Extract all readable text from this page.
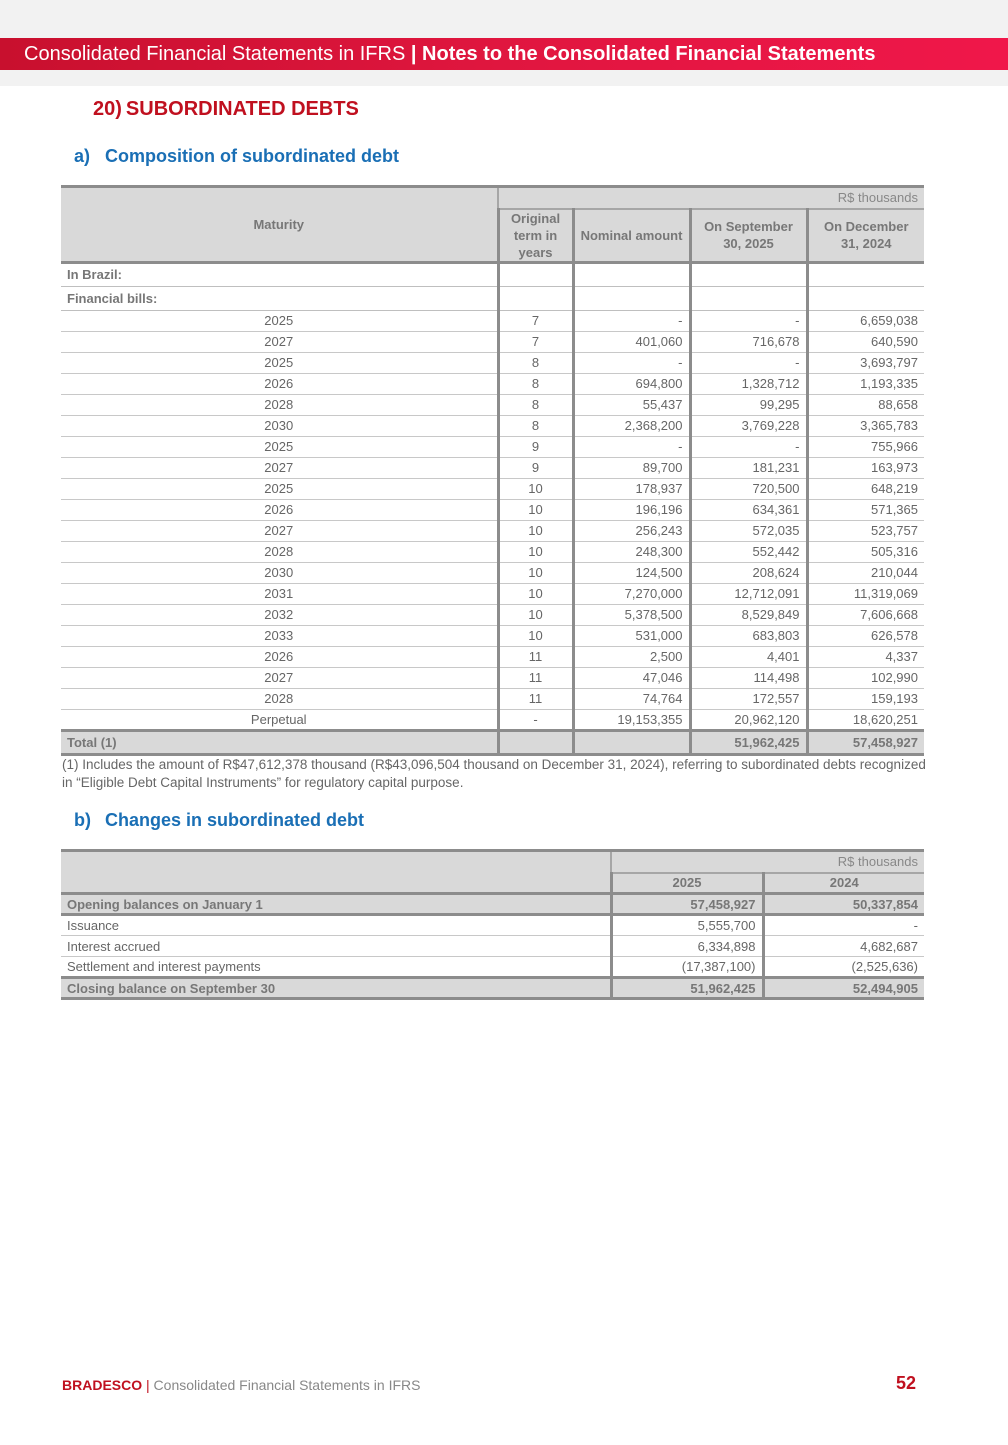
Consolidated Financial Statements in IFRS | Notes to the Consolidated Financial Statements
20) SUBORDINATED DEBTS
a) Composition of subordinated debt
Maturity	R$ thousands			
	Original term in years	Nominal amount	On September 30, 2025	On December 31, 2024
In Brazil:				
Financial bills:				
2025	7	-	-	6,659,038
2027	7	401,060	716,678	640,590
2025	8	-	-	3,693,797
2026	8	694,800	1,328,712	1,193,335
2028	8	55,437	99,295	88,658
2030	8	2,368,200	3,769,228	3,365,783
2025	9	-	-	755,966
2027	9	89,700	181,231	163,973
2025	10	178,937	720,500	648,219
2026	10	196,196	634,361	571,365
2027	10	256,243	572,035	523,757
2028	10	248,300	552,442	505,316
2030	10	124,500	208,624	210,044
2031	10	7,270,000	12,712,091	11,319,069
2032	10	5,378,500	8,529,849	7,606,668
2033	10	531,000	683,803	626,578
2026	11	2,500	4,401	4,337
2027	11	47,046	114,498	102,990
2028	11	74,764	172,557	159,193
Perpetual	-	19,153,355	20,962,120	18,620,251
Total (1)			51,962,425	57,458,927
(1) Includes the amount of R$47,612,378 thousand (R$43,096,504 thousand on December 31, 2024), referring to subordinated debts recognized in “Eligible Debt Capital Instruments” for regulatory capital purpose.
b) Changes in subordinated debt
	R$ thousands	
	2025	2024
Opening balances on January 1	57,458,927	50,337,854
Issuance	5,555,700	-
Interest accrued	6,334,898	4,682,687
Settlement and interest payments	(17,387,100)	(2,525,636)
Closing balance on September 30	51,962,425	52,494,905
BRADESCO | Consolidated Financial Statements in IFRS	52
